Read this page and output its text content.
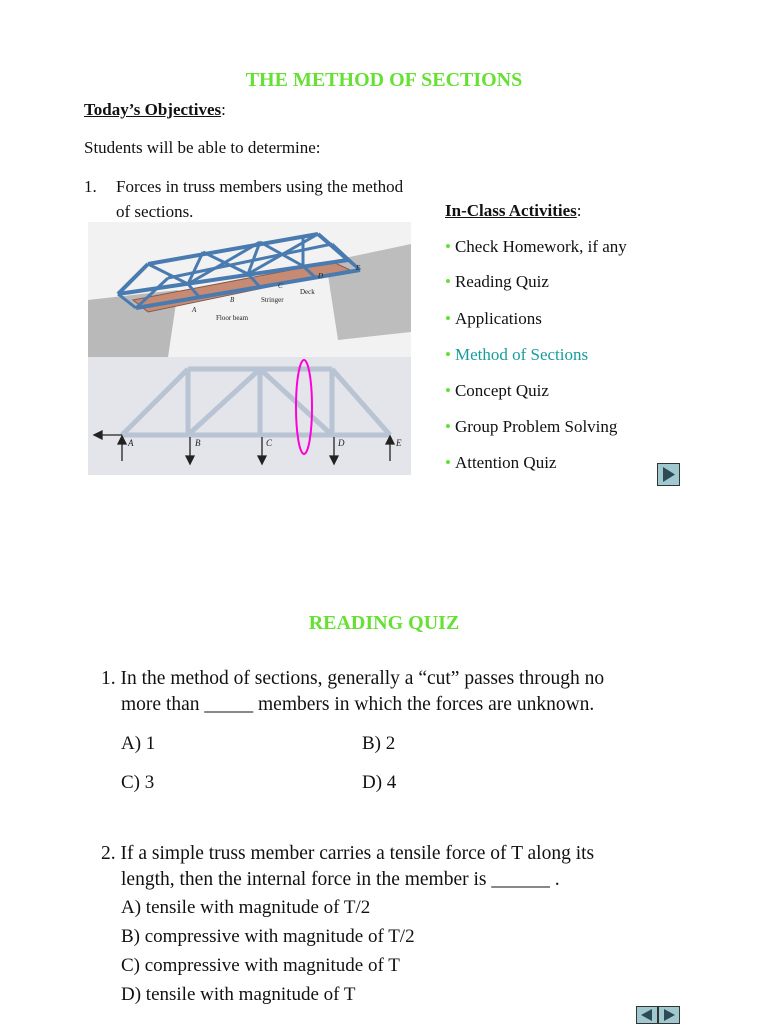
THE METHOD OF SECTIONS
Today’s Objectives:
Students will be able to determine:
1. Forces in truss members using the method of sections.
Deck
Stringer
Floor beam
A
B
C
D
E
A	B	C	D	E
In-Class Activities:
• Check Homework, if any
• Reading Quiz
• Applications
• Method of Sections
• Concept Quiz
• Group Problem Solving
• Attention Quiz
READING QUIZ
1. In the method of sections, generally a “cut” passes through no
more than _____ members in which the forces are unknown.
A) 1	B) 2
C) 3	D) 4
2. If a simple truss member carries a tensile force of T along its
length, then the internal force in the member is ______ .
A) tensile with magnitude of T/2
B) compressive with magnitude of T/2
C) compressive with magnitude of T
D) tensile with magnitude of T
